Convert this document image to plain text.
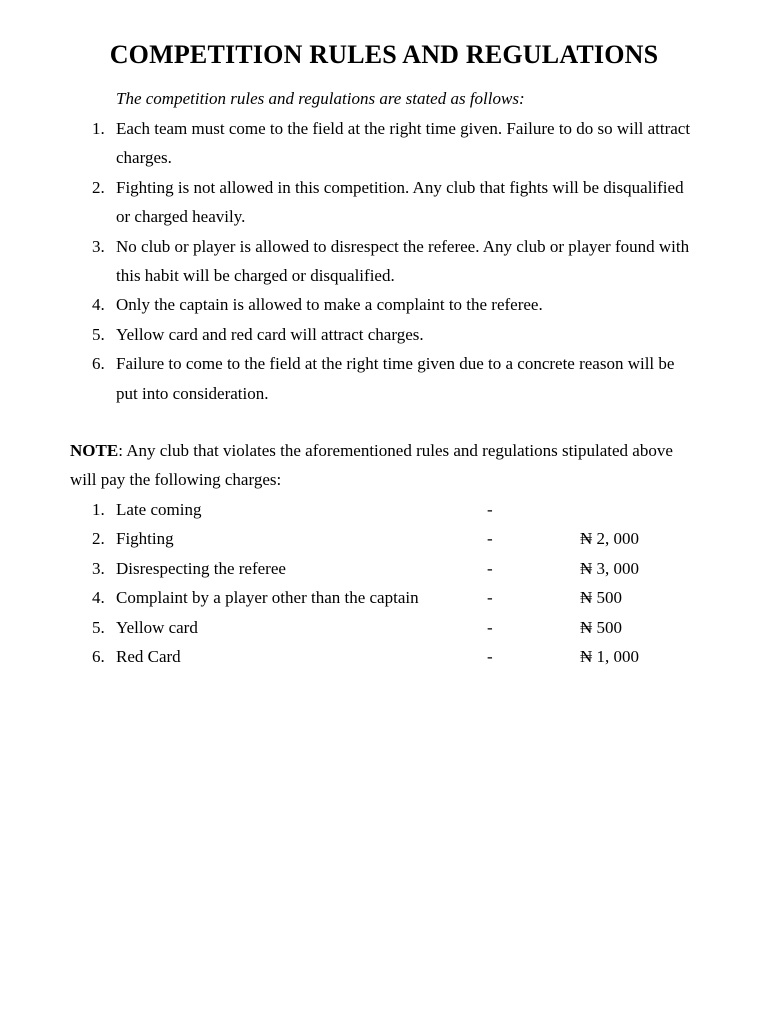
COMPETITION RULES AND REGULATIONS

The competition rules and regulations are stated as follows:

1. Each team must come to the field at the right time given. Failure to do so will attract charges.
2. Fighting is not allowed in this competition. Any club that fights will be disqualified or charged heavily.
3. No club or player is allowed to disrespect the referee. Any club or player found with this habit will be charged or disqualified.
4. Only the captain is allowed to make a complaint to the referee.
5. Yellow card and red card will attract charges.
6. Failure to come to the field at the right time given due to a concrete reason will be put into consideration.

NOTE: Any club that violates the aforementioned rules and regulations stipulated above will pay the following charges:

1. Late coming	-
2. Fighting	-	₦ 2, 000
3. Disrespecting the referee	-	₦ 3, 000
4. Complaint by a player other than the captain	-	₦ 500
5. Yellow card	-	₦ 500
6. Red Card	-	₦ 1, 000
